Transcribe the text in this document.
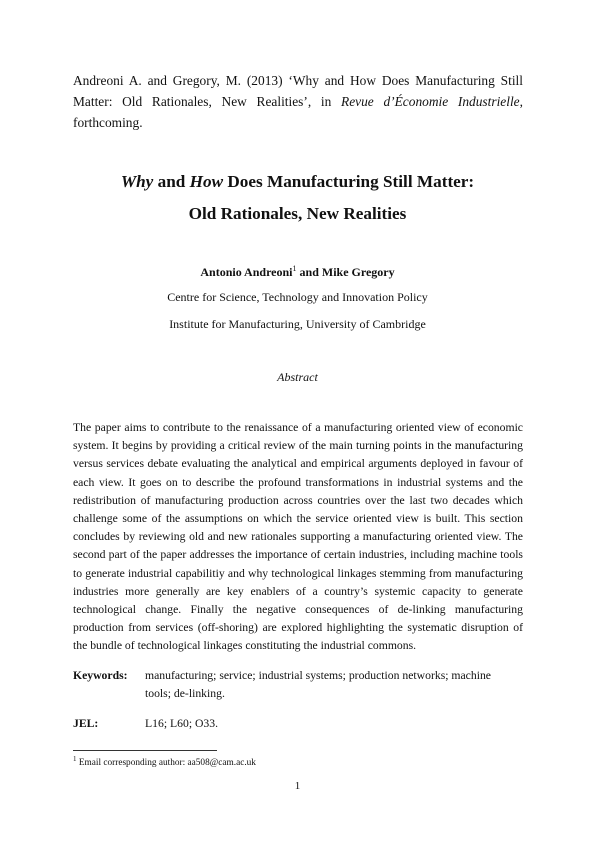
Andreoni A. and Gregory, M. (2013) ‘Why and How Does Manufacturing Still Matter: Old Rationales, New Realities’, in Revue d’Économie Industrielle, forthcoming.
Why and How Does Manufacturing Still Matter:
Old Rationales, New Realities
Antonio Andreoni$^1$ and Mike Gregory
Centre for Science, Technology and Innovation Policy
Institute for Manufacturing, University of Cambridge
Abstract
The paper aims to contribute to the renaissance of a manufacturing oriented view of economic system. It begins by providing a critical review of the main turning points in the manufacturing versus services debate evaluating the analytical and empirical arguments deployed in favour of each view. It goes on to describe the profound transformations in industrial systems and the redistribution of manufacturing production across countries over the last two decades which challenge some of the assumptions on which the service oriented view is built. This section concludes by reviewing old and new rationales supporting a manufacturing oriented view. The second part of the paper addresses the importance of certain industries, including machine tools to generate industrial capabilitiy and why technological linkages stemming from manufacturing industries more generally are key enablers of a country’s systemic capacity to generate technological change. Finally the negative consequences of de-linking manufacturing production from services (off-shoring) are explored highlighting the systematic disruption of the bundle of technological linkages constituting the industrial commons.
Keywords: manufacturing; service; industrial systems; production networks; machine tools; de-linking.
JEL:	L16; L60; O33.
$^1$ Email corresponding author: aa508@cam.ac.uk
1
